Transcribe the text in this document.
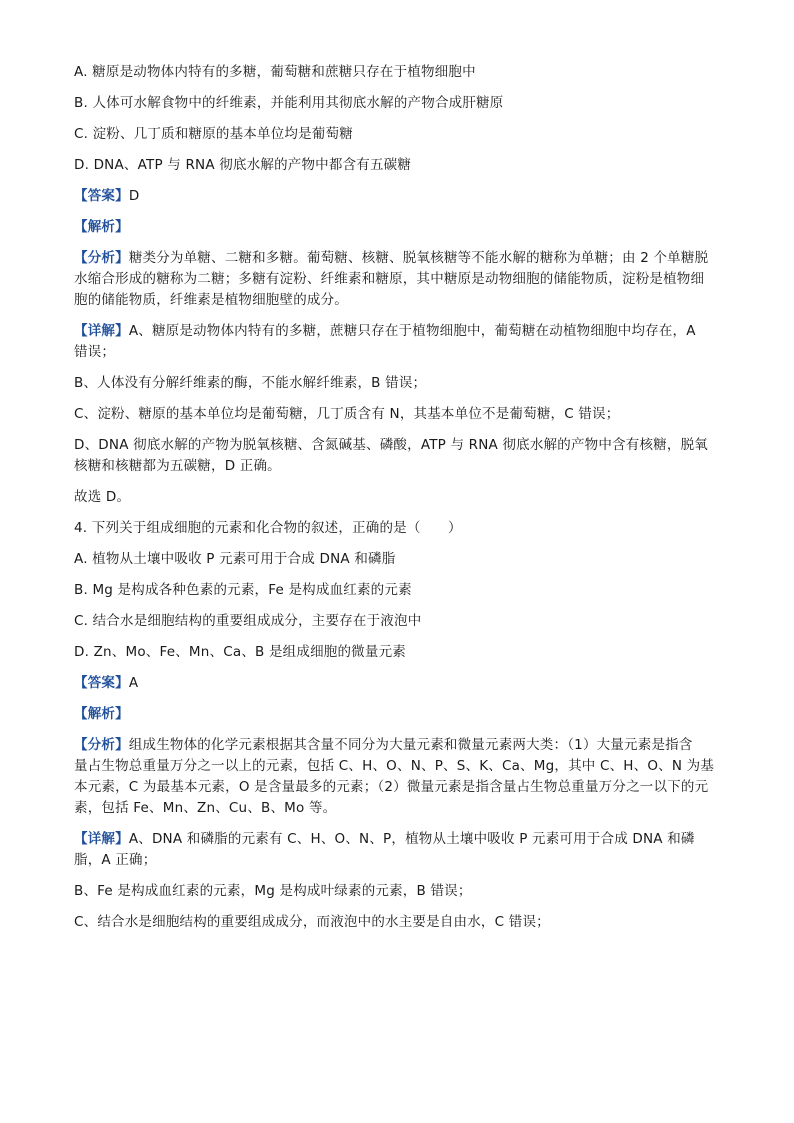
A. 糖原是动物体内特有的多糖，葡萄糖和蔗糖只存在于植物细胞中
B. 人体可水解食物中的纤维素，并能利用其彻底水解的产物合成肝糖原
C. 淀粉、几丁质和糖原的基本单位均是葡萄糖
D. DNA、ATP 与 RNA 彻底水解的产物中都含有五碳糖
【答案】D
【解析】
【分析】糖类分为单糖、二糖和多糖。葡萄糖、核糖、脱氧核糖等不能水解的糖称为单糖；由 2 个单糖脱
水缩合形成的糖称为二糖；多糖有淀粉、纤维素和糖原，其中糖原是动物细胞的储能物质，淀粉是植物细
胞的储能物质，纤维素是植物细胞壁的成分。
【详解】A、糖原是动物体内特有的多糖，蔗糖只存在于植物细胞中，葡萄糖在动植物细胞中均存在，A
错误；
B、人体没有分解纤维素的酶，不能水解纤维素，B 错误；
C、淀粉、糖原的基本单位均是葡萄糖，几丁质含有 N，其基本单位不是葡萄糖，C 错误；
D、DNA 彻底水解的产物为脱氧核糖、含氮碱基、磷酸，ATP 与 RNA 彻底水解的产物中含有核糖，脱氧
核糖和核糖都为五碳糖，D 正确。
故选 D。
4. 下列关于组成细胞的元素和化合物的叙述，正确的是（　　）
A. 植物从土壤中吸收 P 元素可用于合成 DNA 和磷脂
B. Mg 是构成各种色素的元素，Fe 是构成血红素的元素
C. 结合水是细胞结构的重要组成成分，主要存在于液泡中
D. Zn、Mo、Fe、Mn、Ca、B 是组成细胞的微量元素
【答案】A
【解析】
【分析】组成生物体的化学元素根据其含量不同分为大量元素和微量元素两大类：（1）大量元素是指含
量占生物总重量万分之一以上的元素，包括 C、H、O、N、P、S、K、Ca、Mg，其中 C、H、O、N 为基
本元素，C 为最基本元素，O 是含量最多的元素；（2）微量元素是指含量占生物总重量万分之一以下的元
素，包括 Fe、Mn、Zn、Cu、B、Mo 等。
【详解】A、DNA 和磷脂的元素有 C、H、O、N、P，植物从土壤中吸收 P 元素可用于合成 DNA 和磷
脂，A 正确；
B、Fe 是构成血红素的元素，Mg 是构成叶绿素的元素，B 错误；
C、结合水是细胞结构的重要组成成分，而液泡中的水主要是自由水，C 错误；
